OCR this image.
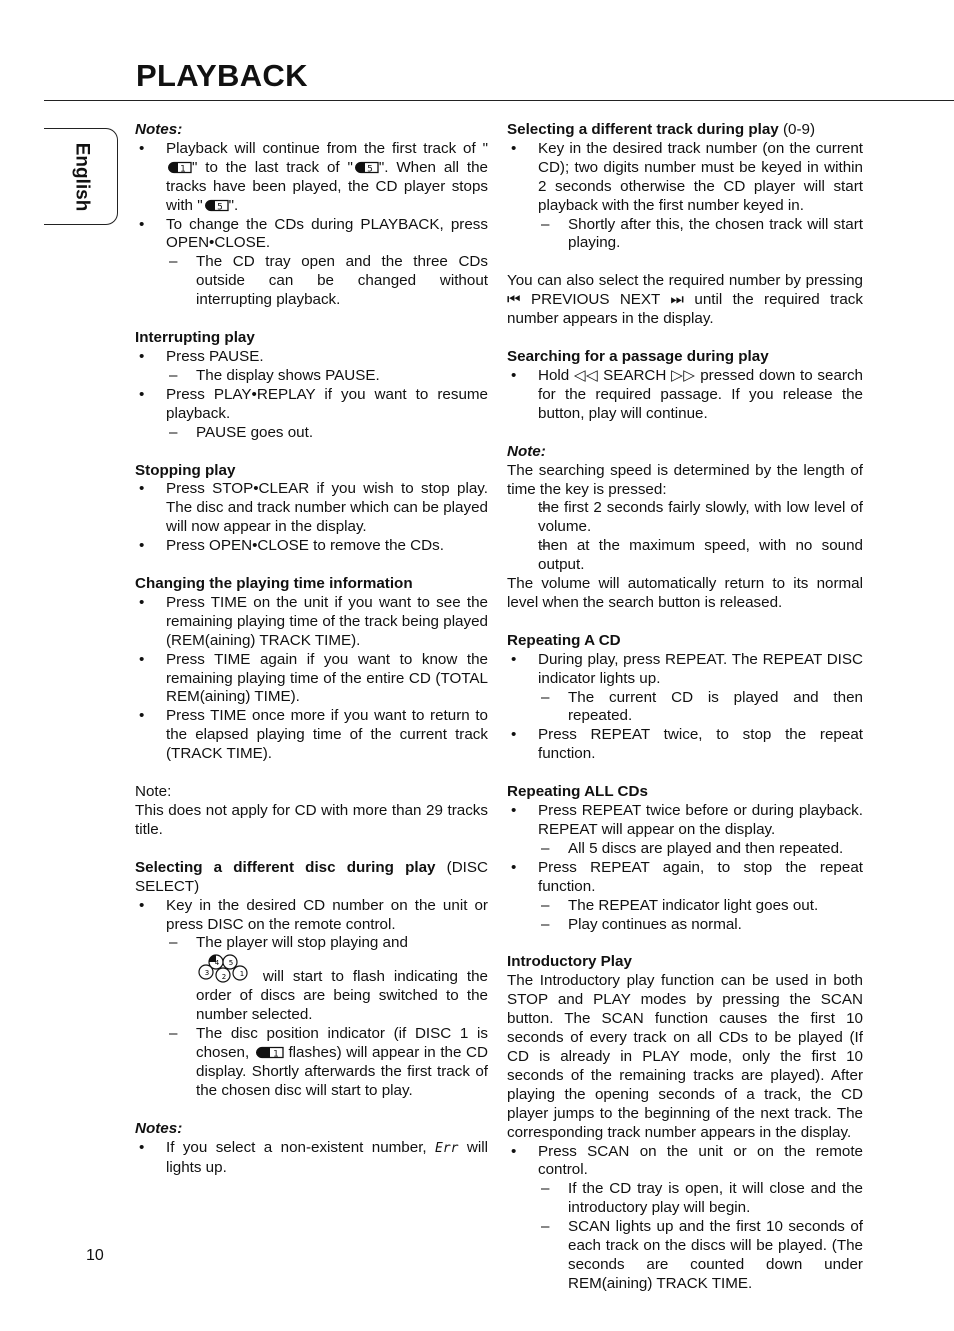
PLAYBACK
English

Notes:

• Playback will continue from the first track of "
1 " to the last track of " 5 ". When all the tracks have been played, the CD player stops with " 5 ".
• To change the CDs during PLAYBACK, press OPEN•CLOSE.
– The CD tray open and the three CDs outside can be changed without interrupting playback.

Interrupting play

• Press PAUSE.
– The display shows PAUSE.
• Press PLAY•REPLAY if you want to resume playback.
– PAUSE goes out.

Stopping play

• Press STOP•CLEAR if you wish to stop play. The disc and track number which can be played will now appear in the display.
• Press OPEN•CLOSE to remove the CDs.

Changing the playing time information

• Press TIME on the unit if you want to see the remaining playing time of the track being played (REM(aining) TRACK TIME).
• Press TIME again if you want to know the remaining playing time of the entire CD (TOTAL REM(aining) TIME).
• Press TIME once more if you want to return to the elapsed playing time of the current track (TRACK TIME).

Note:

This does not apply for CD with more than 29 tracks title.

Selecting a different disc during play (DISC SELECT)

• Key in the desired CD number on the unit or press DISC on the remote control.
– The player will stop playing and

4 5
3	1
2 will start to flash indicating the order of discs are being switched to the number selected.
– The disc position indicator (if DISC 1 is chosen, 1 flashes) will appear in the CD display. Shortly afterwards the first track of the chosen disc will start to play.

Notes:

• If you select a non-existent number, Err will lights up.

Selecting a different track during play (0-9)

• Key in the desired track number (on the current CD); two digits number must be keyed in within 2 seconds otherwise the CD player will start playback with the first number keyed in.
– Shortly after this, the chosen track will start playing.

You can also select the required number by pressing ⏮ PREVIOUS NEXT ⏭ until the required track number appears in the display.

Searching for a passage during play

• Hold ◁◁ SEARCH ▷▷ pressed down to search for the required passage. If you release the button, play will continue.

Note:

The searching speed is determined by the length of time the key is pressed:

– the first 2 seconds fairly slowly, with low level of volume.
– then at the maximum speed, with no sound output.

The volume will automatically return to its normal level when the search button is released.

Repeating A CD

• During play, press REPEAT. The REPEAT DISC indicator lights up.
– The current CD is played and then repeated.
• Press REPEAT twice, to stop the repeat function.

Repeating ALL CDs

• Press REPEAT twice before or during playback. REPEAT will appear on the display.
– All 5 discs are played and then repeated.
• Press REPEAT again, to stop the repeat function.
– The REPEAT indicator light goes out.
– Play continues as normal.

Introductory Play

The Introductory play function can be used in both STOP and PLAY modes by pressing the SCAN button. The SCAN function causes the first 10 seconds of every track on all CDs to be played (If CD is already in PLAY mode, only the first 10 seconds of the remaining tracks are played). After playing the opening seconds of a track, the CD player jumps to the beginning of the next track. The corresponding track number appears in the display.

• Press SCAN on the unit or on the remote control.
– If the CD tray is open, it will close and the introductory play will begin.
– SCAN lights up and the first 10 seconds of each track on the discs will be played. (The seconds are counted down under REM(aining) TRACK TIME.
10
